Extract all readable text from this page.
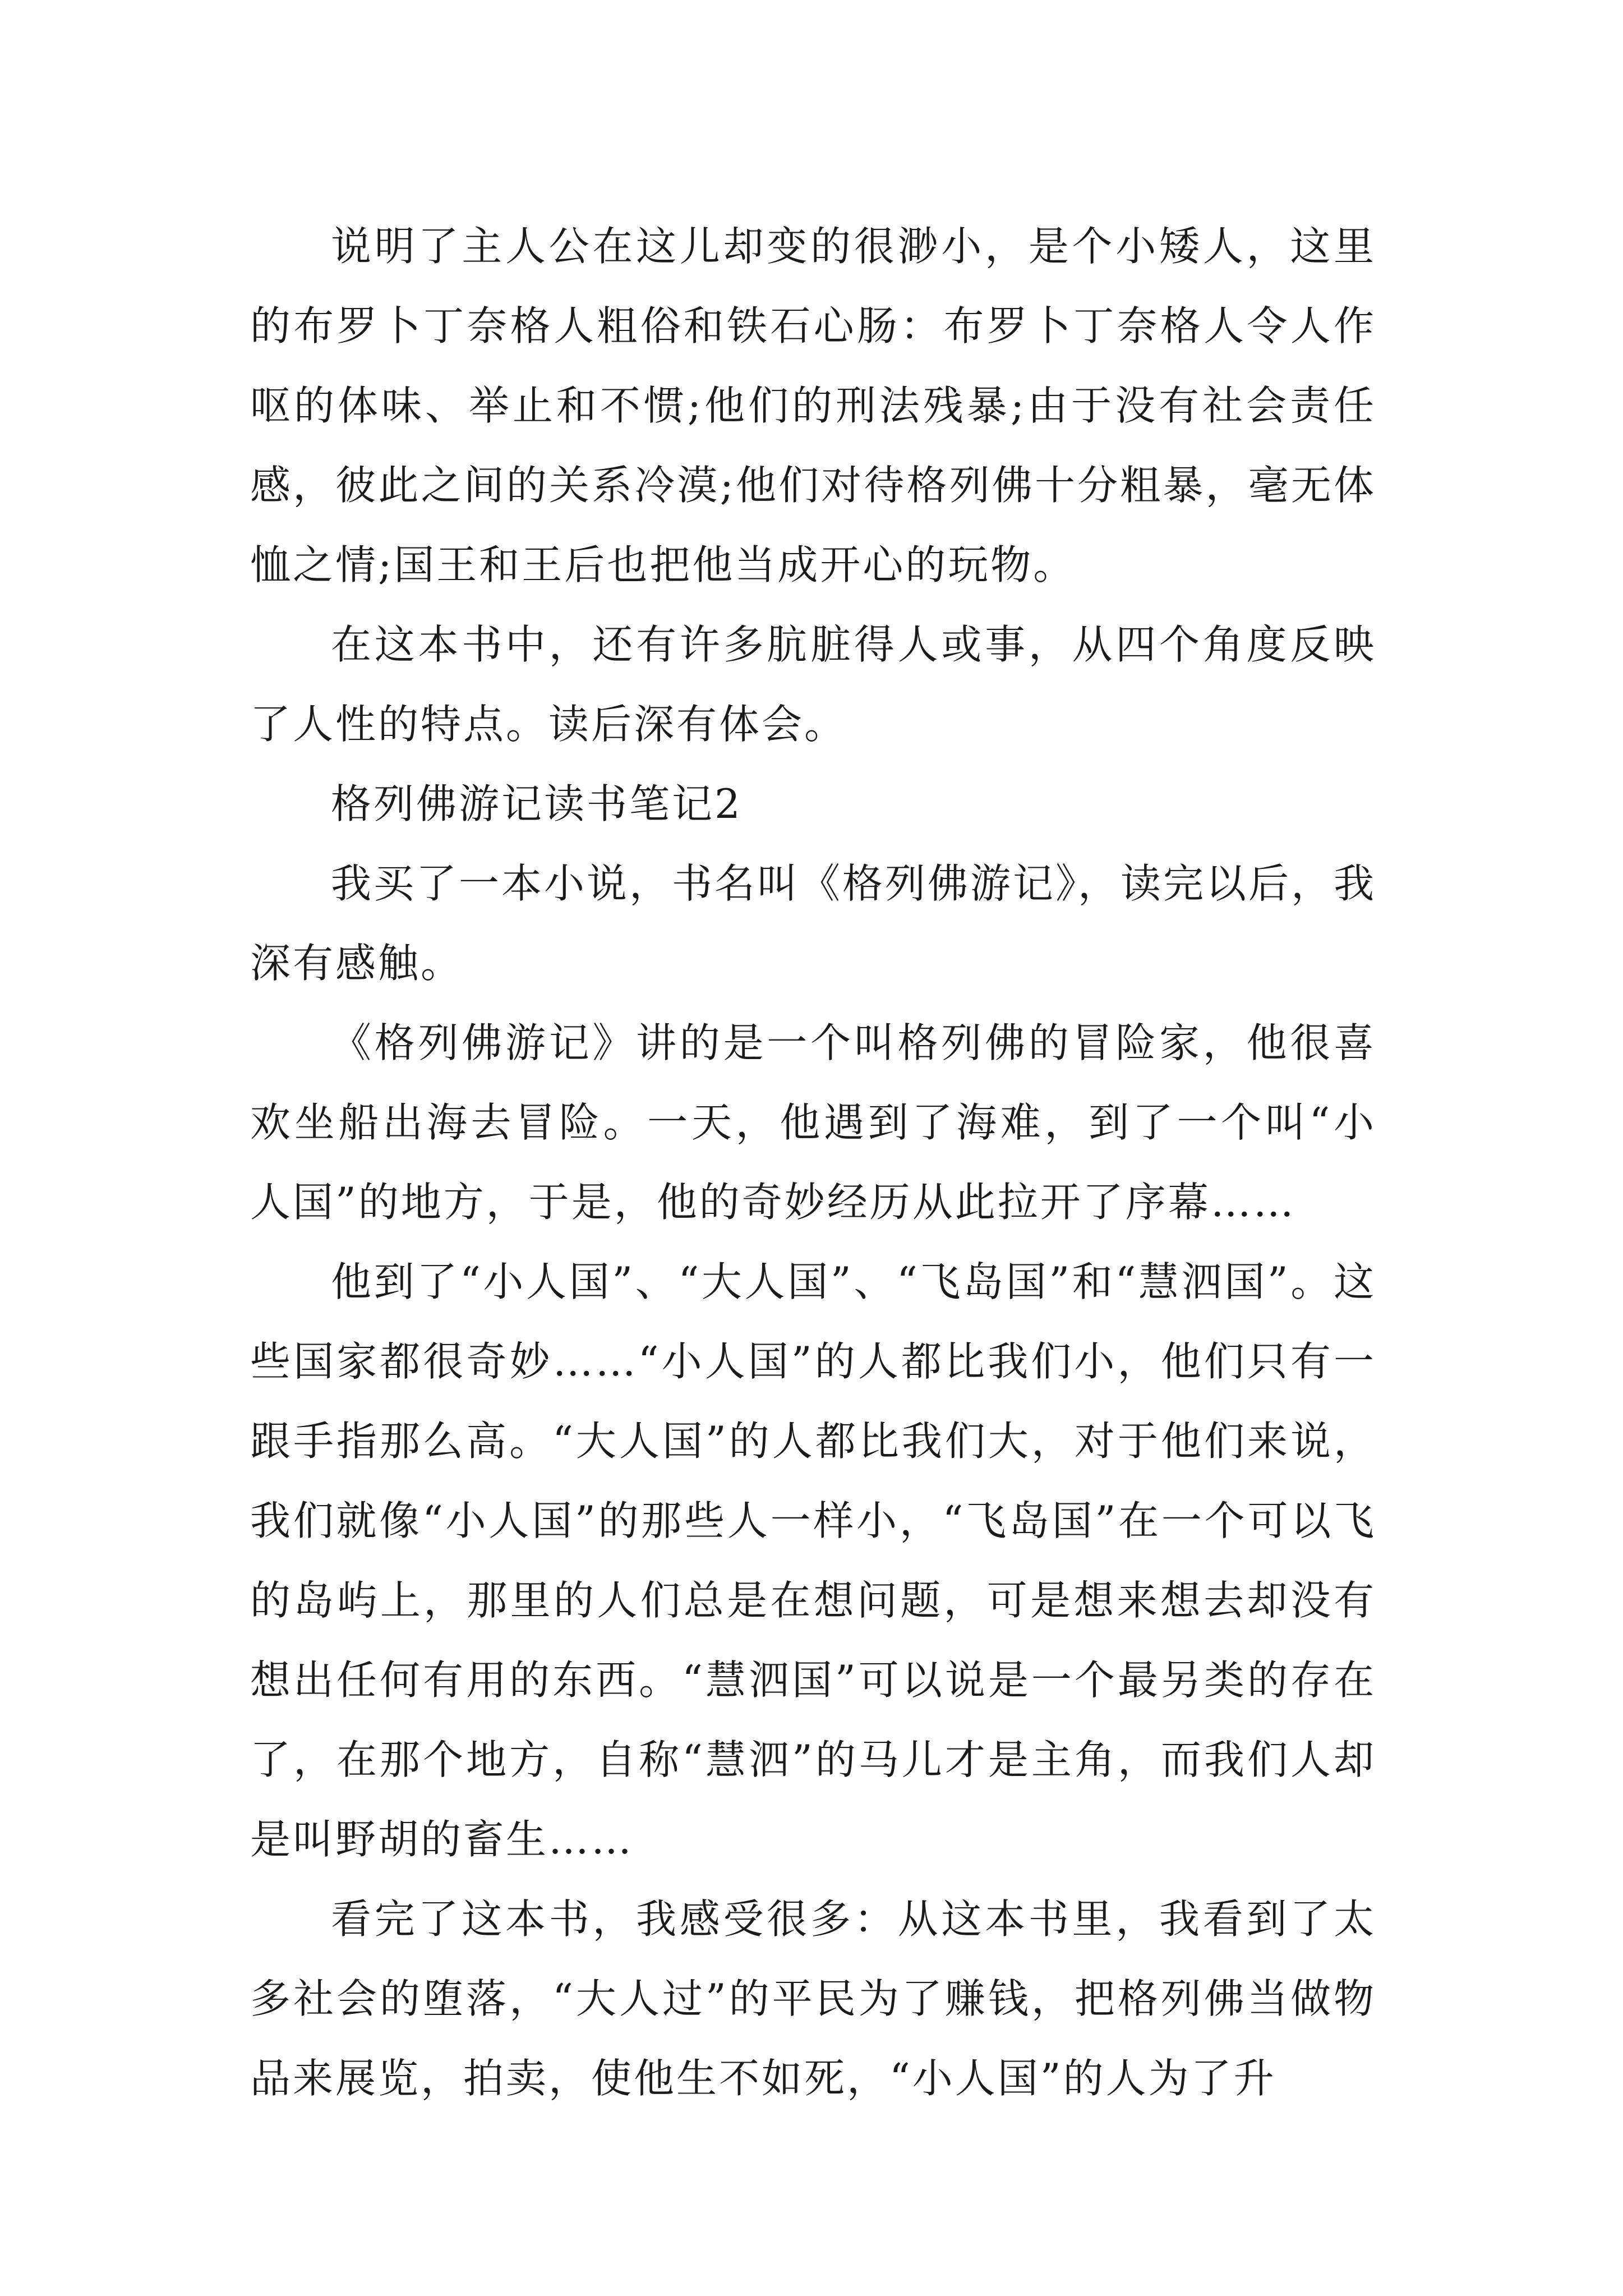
说明了主人公在这儿却变的很渺小，是个小矮人，这里的布罗卜丁奈格人粗俗和铁石心肠：布罗卜丁奈格人令人作呕的体味、举止和不惯;他们的刑法残暴;由于没有社会责任感，彼此之间的关系冷漠;他们对待格列佛十分粗暴，毫无体恤之情;国王和王后也把他当成开心的玩物。

在这本书中，还有许多肮脏得人或事，从四个角度反映了人性的特点。读后深有体会。

格列佛游记读书笔记2

我买了一本小说，书名叫《格列佛游记》，读完以后，我深有感触。

《格列佛游记》讲的是一个叫格列佛的冒险家，他很喜欢坐船出海去冒险。一天，他遇到了海难，到了一个叫“小人国”的地方，于是，他的奇妙经历从此拉开了序幕……

他到了“小人国”、“大人国”、“飞岛国”和“慧泗国”。这些国家都很奇妙……“小人国”的人都比我们小，他们只有一跟手指那么高。“大人国”的人都比我们大，对于他们来说，我们就像“小人国”的那些人一样小，“飞岛国”在一个可以飞的岛屿上，那里的人们总是在想问题，可是想来想去却没有想出任何有用的东西。“慧泗国”可以说是一个最另类的存在了，在那个地方，自称“慧泗”的马儿才是主角，而我们人却是叫野胡的畜生……

看完了这本书，我感受很多：从这本书里，我看到了太多社会的堕落，“大人过”的平民为了赚钱，把格列佛当做物品来展览，拍卖，使他生不如死，“小人国”的人为了升
